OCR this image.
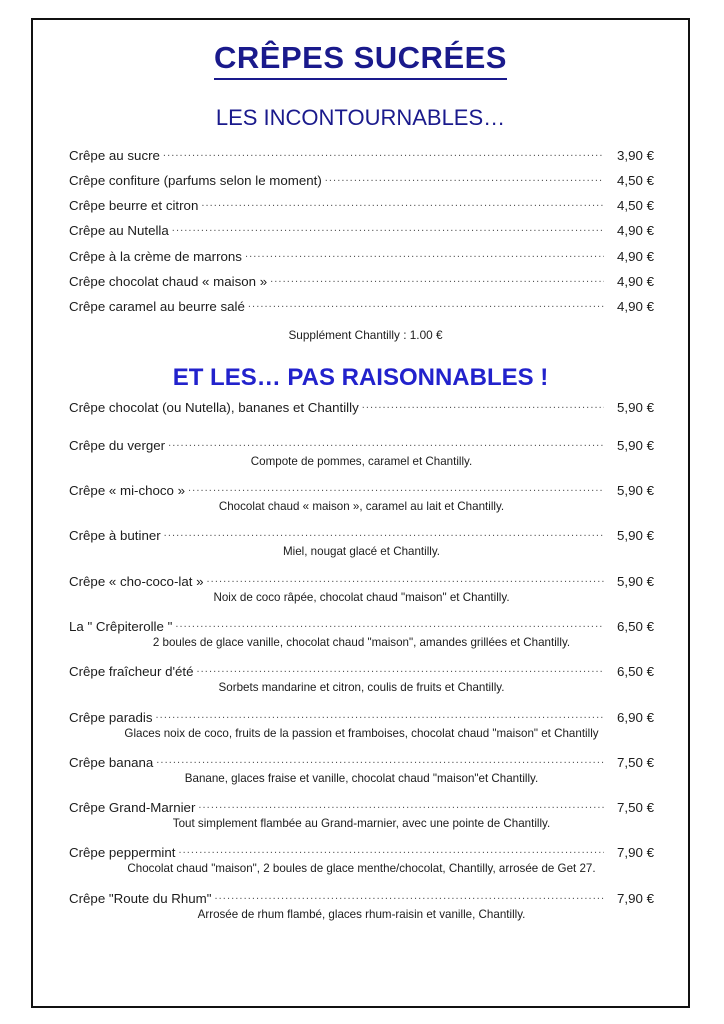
CRÊPES SUCRÉES
LES INCONTOURNABLES…
Crêpe au sucre .....	3,90 €
Crêpe confiture (parfums selon le moment) .....	4,50 €
Crêpe beurre et citron .....	4,50 €
Crêpe au Nutella .....	4,90 €
Crêpe à la crème de marrons .....	4,90 €
Crêpe chocolat chaud « maison » .....	4,90 €
Crêpe caramel au beurre salé .....	4,90 €

Supplément Chantilly : 1.00 €

ET LES… PAS RAISONNABLES !
Crêpe chocolat (ou Nutella), bananes et Chantilly .....	5,90 €
Crêpe du verger .....	5,90 €
Compote de pommes, caramel et Chantilly.
Crêpe « mi-choco » .....	5,90 €
Chocolat chaud « maison », caramel au lait et Chantilly.
Crêpe à butiner .....	5,90 €
Miel, nougat glacé et Chantilly.
Crêpe « cho-coco-lat » .....	5,90 €
Noix de coco râpée, chocolat chaud "maison" et Chantilly.
La " Crêpiterolle " .....	6,50 €
2 boules de glace vanille, chocolat chaud "maison", amandes grillées et Chantilly.
Crêpe fraîcheur d'été .....	6,50 €
Sorbets mandarine et citron, coulis de fruits et Chantilly.
Crêpe paradis .....	6,90 €
Glaces noix de coco, fruits de la passion et framboises, chocolat chaud "maison" et Chantilly
Crêpe banana .....	7,50 €
Banane, glaces fraise et vanille, chocolat chaud "maison"et Chantilly.
Crêpe Grand-Marnier .....	7,50 €
Tout simplement flambée au Grand-marnier, avec une pointe de Chantilly.
Crêpe peppermint .....	7,90 €
Chocolat chaud "maison", 2 boules de glace menthe/chocolat, Chantilly, arrosée de Get 27.
Crêpe "Route du Rhum" .....	7,90 €
Arrosée de rhum flambé, glaces rhum-raisin et vanille, Chantilly.
